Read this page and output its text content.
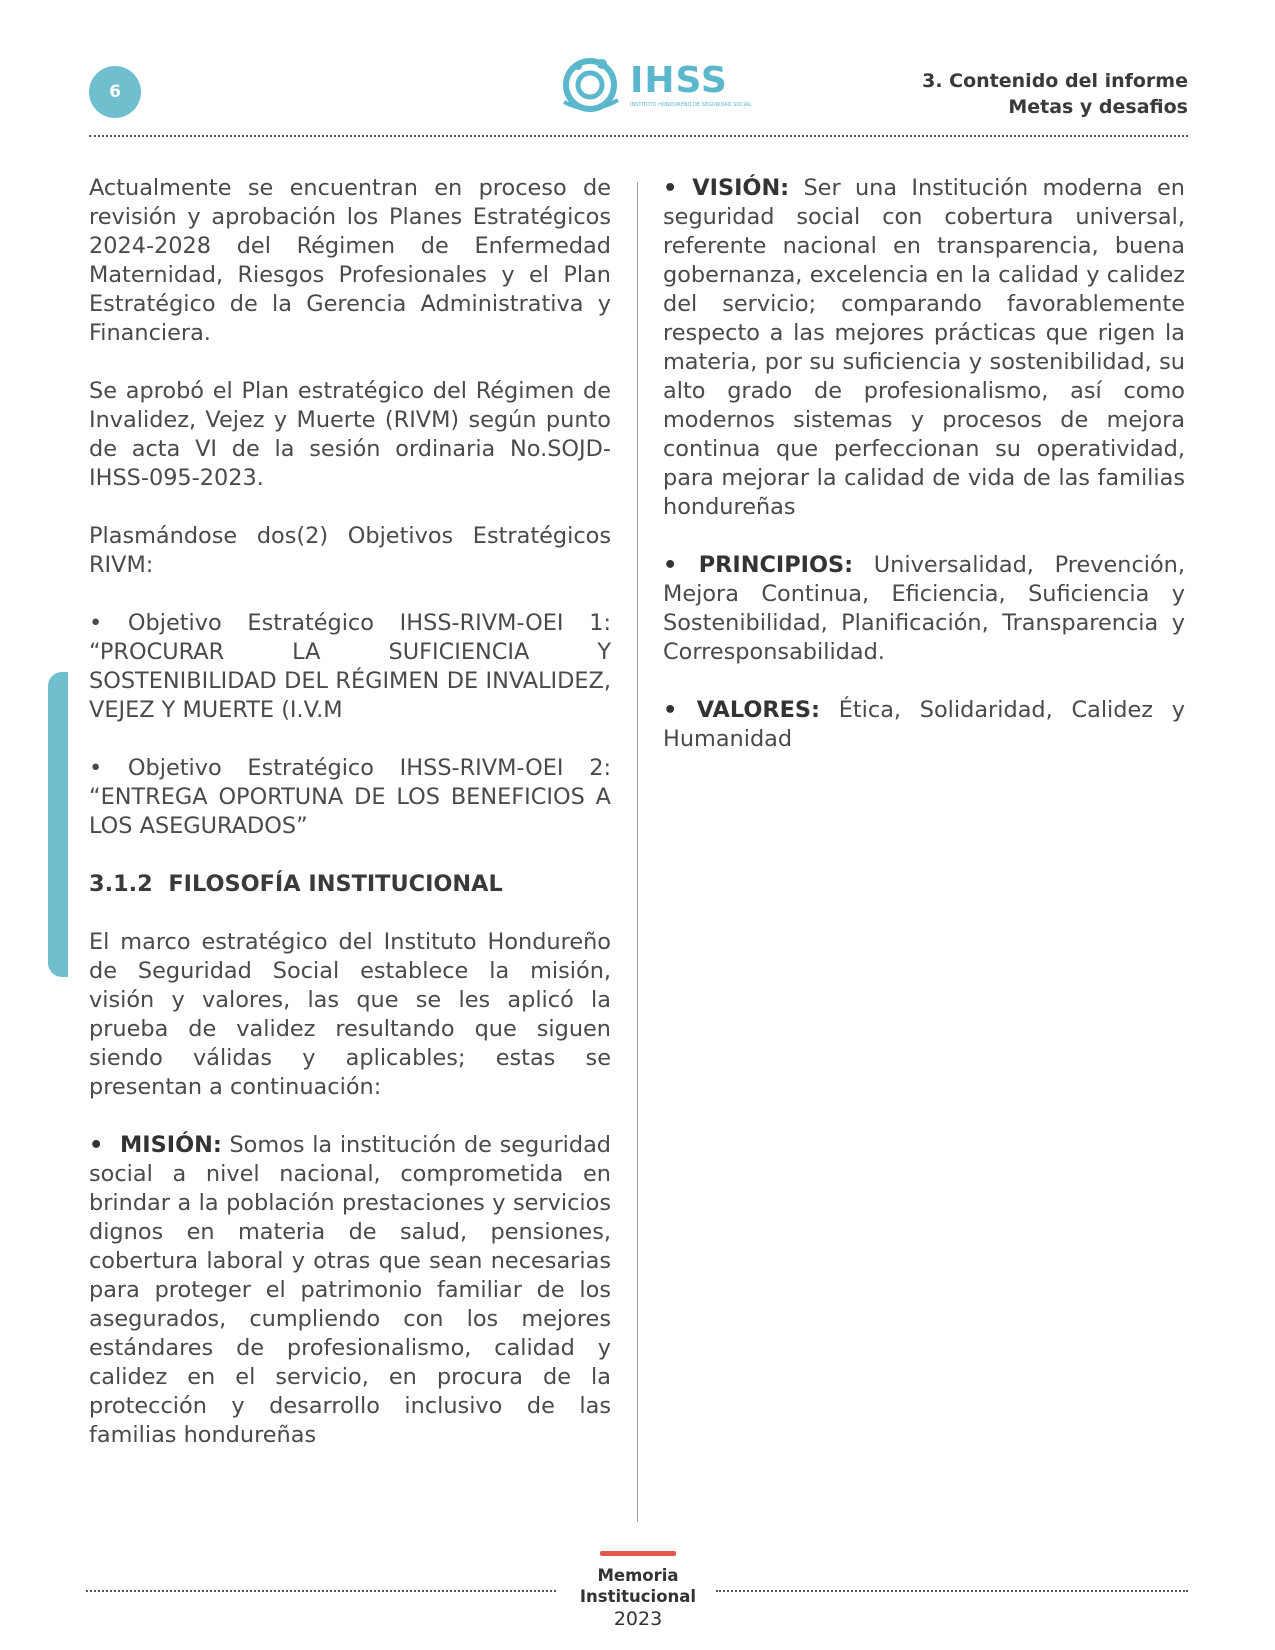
6	IHSS
INSTITUTO HONDUREÑO DE SEGURIDAD SOCIAL
3. Contenido del informe
Metas y desafios

Actualmente se encuentran en proceso de revisión y aprobación los Planes Estratégicos 2024-2028 del Régimen de Enfermedad Maternidad, Riesgos Profesionales y el Plan Estratégico de la Gerencia Administrativa y Financiera.

Se aprobó el Plan estratégico del Régimen de Invalidez, Vejez y Muerte (RIVM) según punto de acta VI de la sesión ordinaria No.SOJD-IHSS-095-2023.

Plasmándose dos(2) Objetivos Estratégicos RIVM:

• Objetivo Estratégico IHSS-RIVM-OEI 1: “PROCURAR LA SUFICIENCIA Y SOSTENIBILIDAD DEL RÉGIMEN DE INVALIDEZ, VEJEZ Y MUERTE (I.V.M

• Objetivo Estratégico IHSS-RIVM-OEI 2: “ENTREGA OPORTUNA DE LOS BENEFICIOS A LOS ASEGURADOS”

3.1.2 FILOSOFÍA INSTITUCIONAL

El marco estratégico del Instituto Hondureño de Seguridad Social establece la misión, visión y valores, las que se les aplicó la prueba de validez resultando que siguen siendo válidas y aplicables; estas se presentan a continuación:

•  MISIÓN: Somos la institución de seguridad social a nivel nacional, comprometida en brindar a la población prestaciones y servicios dignos en materia de salud, pensiones, cobertura laboral y otras que sean necesarias para proteger el patrimonio familiar de los asegurados, cumpliendo con los mejores estándares de profesionalismo, calidad y calidez en el servicio, en procura de la protección y desarrollo inclusivo de las familias hondureñas

• VISIÓN: Ser una Institución moderna en seguridad social con cobertura universal, referente nacional en transparencia, buena gobernanza, excelencia en la calidad y calidez del servicio; comparando favorablemente respecto a las mejores prácticas que rigen la materia, por su suficiencia y sostenibilidad, su alto grado de profesionalismo, así como modernos sistemas y procesos de mejora continua que perfeccionan su operatividad, para mejorar la calidad de vida de las familias hondureñas

• PRINCIPIOS: Universalidad, Prevención, Mejora Continua, Eficiencia, Suficiencia y Sostenibilidad, Planificación, Transparencia y Corresponsabilidad.

• VALORES: Ética, Solidaridad, Calidez y Humanidad

Memoria
Institucional
2023
